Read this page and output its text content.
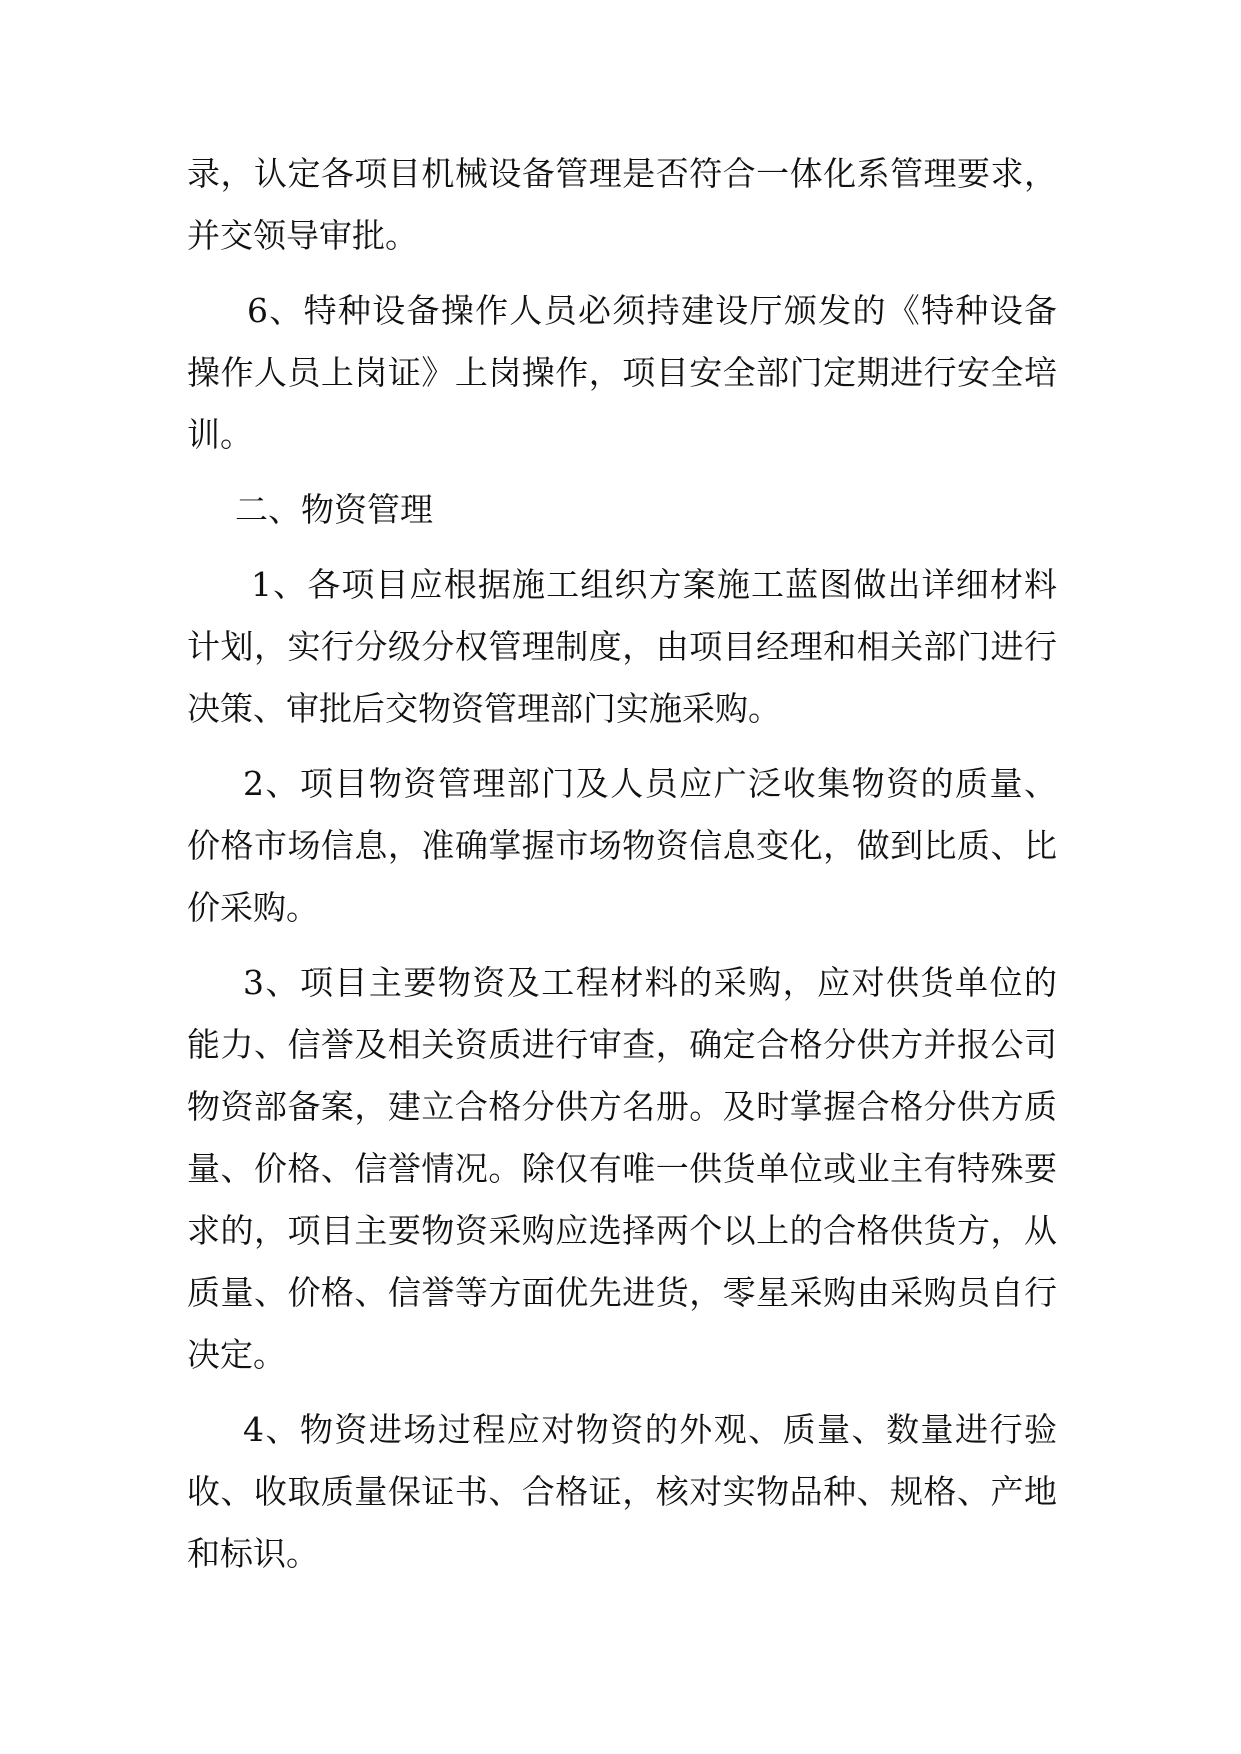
录，认定各项目机械设备管理是否符合一体化系管理要求，
并交领导审批。
6、特种设备操作人员必须持建设厅颁发的《特种设备
操作人员上岗证》上岗操作，项目安全部门定期进行安全培
训。
二、物资管理
1、各项目应根据施工组织方案施工蓝图做出详细材料
计划，实行分级分权管理制度，由项目经理和相关部门进行
决策、审批后交物资管理部门实施采购。
2、项目物资管理部门及人员应广泛收集物资的质量、
价格市场信息，准确掌握市场物资信息变化，做到比质、比
价采购。
3、项目主要物资及工程材料的采购，应对供货单位的
能力、信誉及相关资质进行审查，确定合格分供方并报公司
物资部备案，建立合格分供方名册。及时掌握合格分供方质
量、价格、信誉情况。除仅有唯一供货单位或业主有特殊要
求的，项目主要物资采购应选择两个以上的合格供货方，从
质量、价格、信誉等方面优先进货，零星采购由采购员自行
决定。
4、物资进场过程应对物资的外观、质量、数量进行验
收、收取质量保证书、合格证，核对实物品种、规格、产地
和标识。
